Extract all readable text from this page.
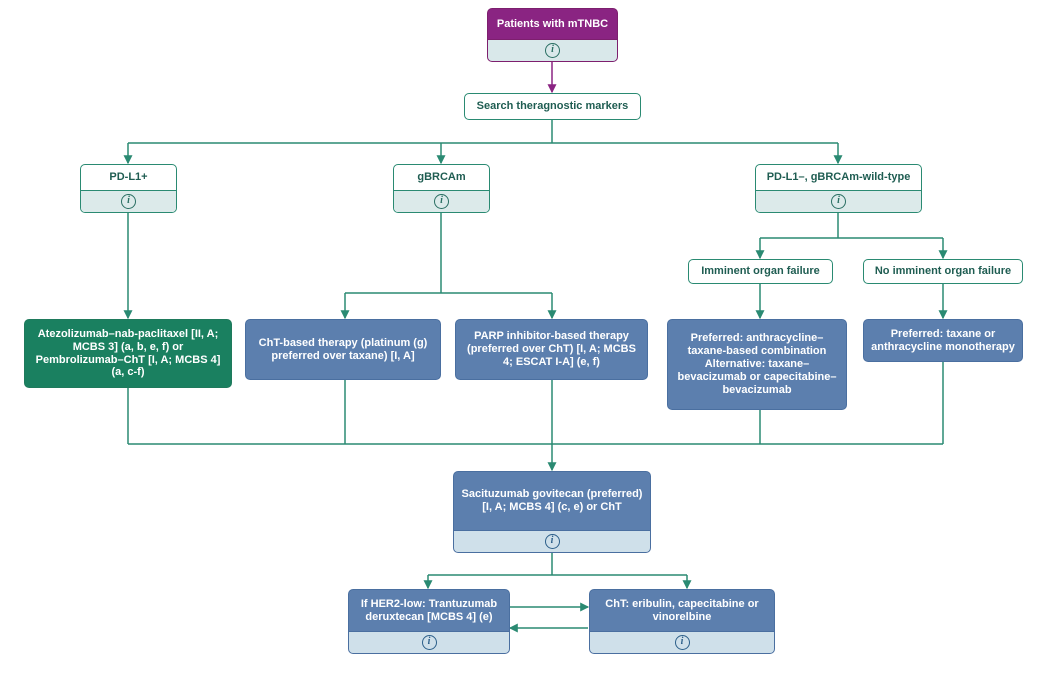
Patients with mTNBC
i
Search theragnostic markers
PD-L1+
i
gBRCAm
i
PD-L1–, gBRCAm-wild-type
i
Imminent organ failure	No imminent organ failure
Atezolizumab–nab-paclitaxel [II, A; MCBS 3] (a, b, e, f) or Pembrolizumab–ChT [I, A; MCBS 4] (a, c-f)
ChT-based therapy (platinum (g) preferred over taxane) [I, A]
PARP inhibitor-based therapy (preferred over ChT) [I, A; MCBS 4; ESCAT I-A] (e, f)
Preferred: anthracycline–taxane-based combination Alternative: taxane–bevacizumab or capecitabine–bevacizumab
Preferred: taxane or anthracycline monotherapy
Sacituzumab govitecan (preferred) [I, A; MCBS 4] (c, e) or ChT
i
If HER2-low: Trantuzumab deruxtecan [MCBS 4] (e)
i
ChT: eribulin, capecitabine or vinorelbine
i
